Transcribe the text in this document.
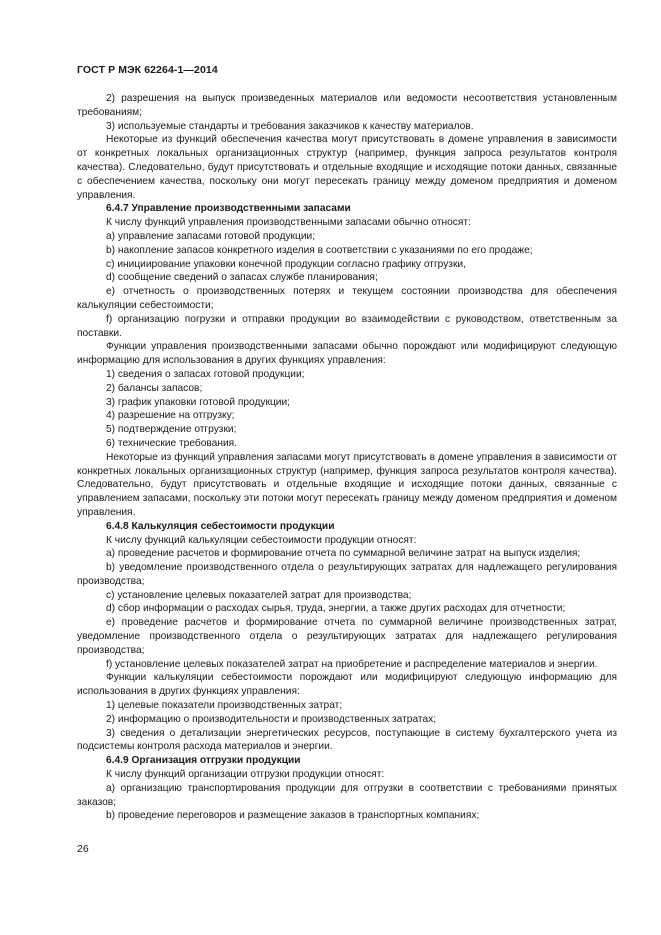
ГОСТ Р МЭК 62264-1—2014

2) разрешения на выпуск произведенных материалов или ведомости несоответствия установленным требованиям;

3) используемые стандарты и требования заказчиков к качеству материалов.

Некоторые из функций обеспечения качества могут присутствовать в домене управления в зависимости от конкретных локальных организационных структур (например, функция запроса результатов контроля качества). Следовательно, будут присутствовать и отдельные входящие и исходящие потоки данных, связанные с обеспечением качества, поскольку они могут пересекать границу между доменом предприятия и доменом управления.

6.4.7 Управление производственными запасами

К числу функций управления производственными запасами обычно относят:

a) управление запасами готовой продукции;

b) накопление запасов конкретного изделия в соответствии с указаниями по его продаже;

c) инициирование упаковки конечной продукции согласно графику отгрузки,

d) сообщение сведений о запасах службе планирования;

e) отчетность о производственных потерях и текущем состоянии производства для обеспечения калькуляции себестоимости;

f) организацию погрузки и отправки продукции во взаимодействии с руководством, ответственным за поставки.

Функции управления производственными запасами обычно порождают или модифицируют следующую информацию для использования в других функциях управления:

1) сведения о запасах готовой продукции;

2) балансы запасов;

3) график упаковки готовой продукции;

4) разрешение на отгрузку;

5) подтверждение отгрузки;

6) технические требования.

Некоторые из функций управления запасами могут присутствовать в домене управления в зависимости от конкретных локальных организационных структур (например, функция запроса результатов контроля качества). Следовательно, будут присутствовать и отдельные входящие и исходящие потоки данных, связанные с управлением запасами, поскольку эти потоки могут пересекать границу между доменом предприятия и доменом управления.

6.4.8 Калькуляция себестоимости продукции

К числу функций калькуляции себестоимости продукции относят:

a) проведение расчетов и формирование отчета по суммарной величине затрат на выпуск изделия;

b) уведомление производственного отдела о результирующих затратах для надлежащего регулирования производства;

c) установление целевых показателей затрат для производства;

d) сбор информации о расходах сырья, труда, энергии, а также других расходах для отчетности;

e) проведение расчетов и формирование отчета по суммарной величине производственных затрат, уведомление производственного отдела о результирующих затратах для надлежащего регулирования производства;

f) установление целевых показателей затрат на приобретение и распределение материалов и энергии.

Функции калькуляции себестоимости порождают или модифицируют следующую информацию для использования в других функциях управления:

1) целевые показатели производственных затрат;

2) информацию о производительности и производственных затратах;

3) сведения о детализации энергетических ресурсов, поступающие в систему бухгалтерского учета из подсистемы контроля расхода материалов и энергии.

6.4.9 Организация отгрузки продукции

К числу функций организации отгрузки продукции относят:

a) организацию транспортирования продукции для отгрузки в соответствии с требованиями принятых заказов;

b) проведение переговоров и размещение заказов в транспортных компаниях;

26
